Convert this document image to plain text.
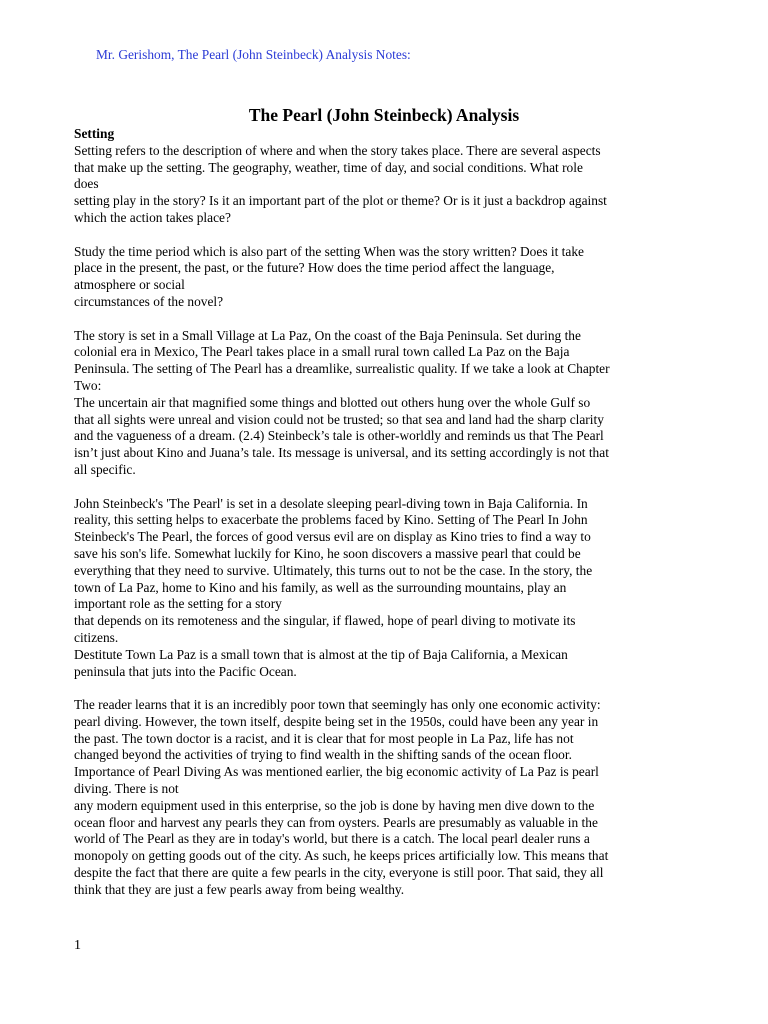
Mr. Gerishom, The Pearl (John Steinbeck) Analysis Notes:
The Pearl (John Steinbeck) Analysis
Setting
Setting refers to the description of where and when the story takes place. There are several aspects
that make up the setting. The geography, weather, time of day, and social conditions. What role
does
setting play in the story? Is it an important part of the plot or theme? Or is it just a backdrop against
which the action takes place?
Study the time period which is also part of the setting When was the story written? Does it take
place in the present, the past, or the future? How does the time period affect the language,
atmosphere or social
circumstances of the novel?
The story is set in a Small Village at La Paz, On the coast of the Baja Peninsula. Set during the
colonial era in Mexico, The Pearl takes place in a small rural town called La Paz on the Baja
Peninsula. The setting of The Pearl has a dreamlike, surrealistic quality. If we take a look at Chapter
Two:
The uncertain air that magnified some things and blotted out others hung over the whole Gulf so
that all sights were unreal and vision could not be trusted; so that sea and land had the sharp clarity
and the vagueness of a dream. (2.4) Steinbeck’s tale is other-worldly and reminds us that The Pearl
isn’t just about Kino and Juana’s tale. Its message is universal, and its setting accordingly is not that
all specific.
John Steinbeck's 'The Pearl' is set in a desolate sleeping pearl-diving town in Baja California. In
reality, this setting helps to exacerbate the problems faced by Kino. Setting of The Pearl In John
Steinbeck's The Pearl, the forces of good versus evil are on display as Kino tries to find a way to
save his son's life. Somewhat luckily for Kino, he soon discovers a massive pearl that could be
everything that they need to survive. Ultimately, this turns out to not be the case. In the story, the
town of La Paz, home to Kino and his family, as well as the surrounding mountains, play an
important role as the setting for a story
that depends on its remoteness and the singular, if flawed, hope of pearl diving to motivate its
citizens.
Destitute Town La Paz is a small town that is almost at the tip of Baja California, a Mexican
peninsula that juts into the Pacific Ocean.
The reader learns that it is an incredibly poor town that seemingly has only one economic activity:
pearl diving. However, the town itself, despite being set in the 1950s, could have been any year in
the past. The town doctor is a racist, and it is clear that for most people in La Paz, life has not
changed beyond the activities of trying to find wealth in the shifting sands of the ocean floor.
Importance of Pearl Diving As was mentioned earlier, the big economic activity of La Paz is pearl
diving. There is not
any modern equipment used in this enterprise, so the job is done by having men dive down to the
ocean floor and harvest any pearls they can from oysters. Pearls are presumably as valuable in the
world of The Pearl as they are in today's world, but there is a catch. The local pearl dealer runs a
monopoly on getting goods out of the city. As such, he keeps prices artificially low. This means that
despite the fact that there are quite a few pearls in the city, everyone is still poor. That said, they all
think that they are just a few pearls away from being wealthy.
1
